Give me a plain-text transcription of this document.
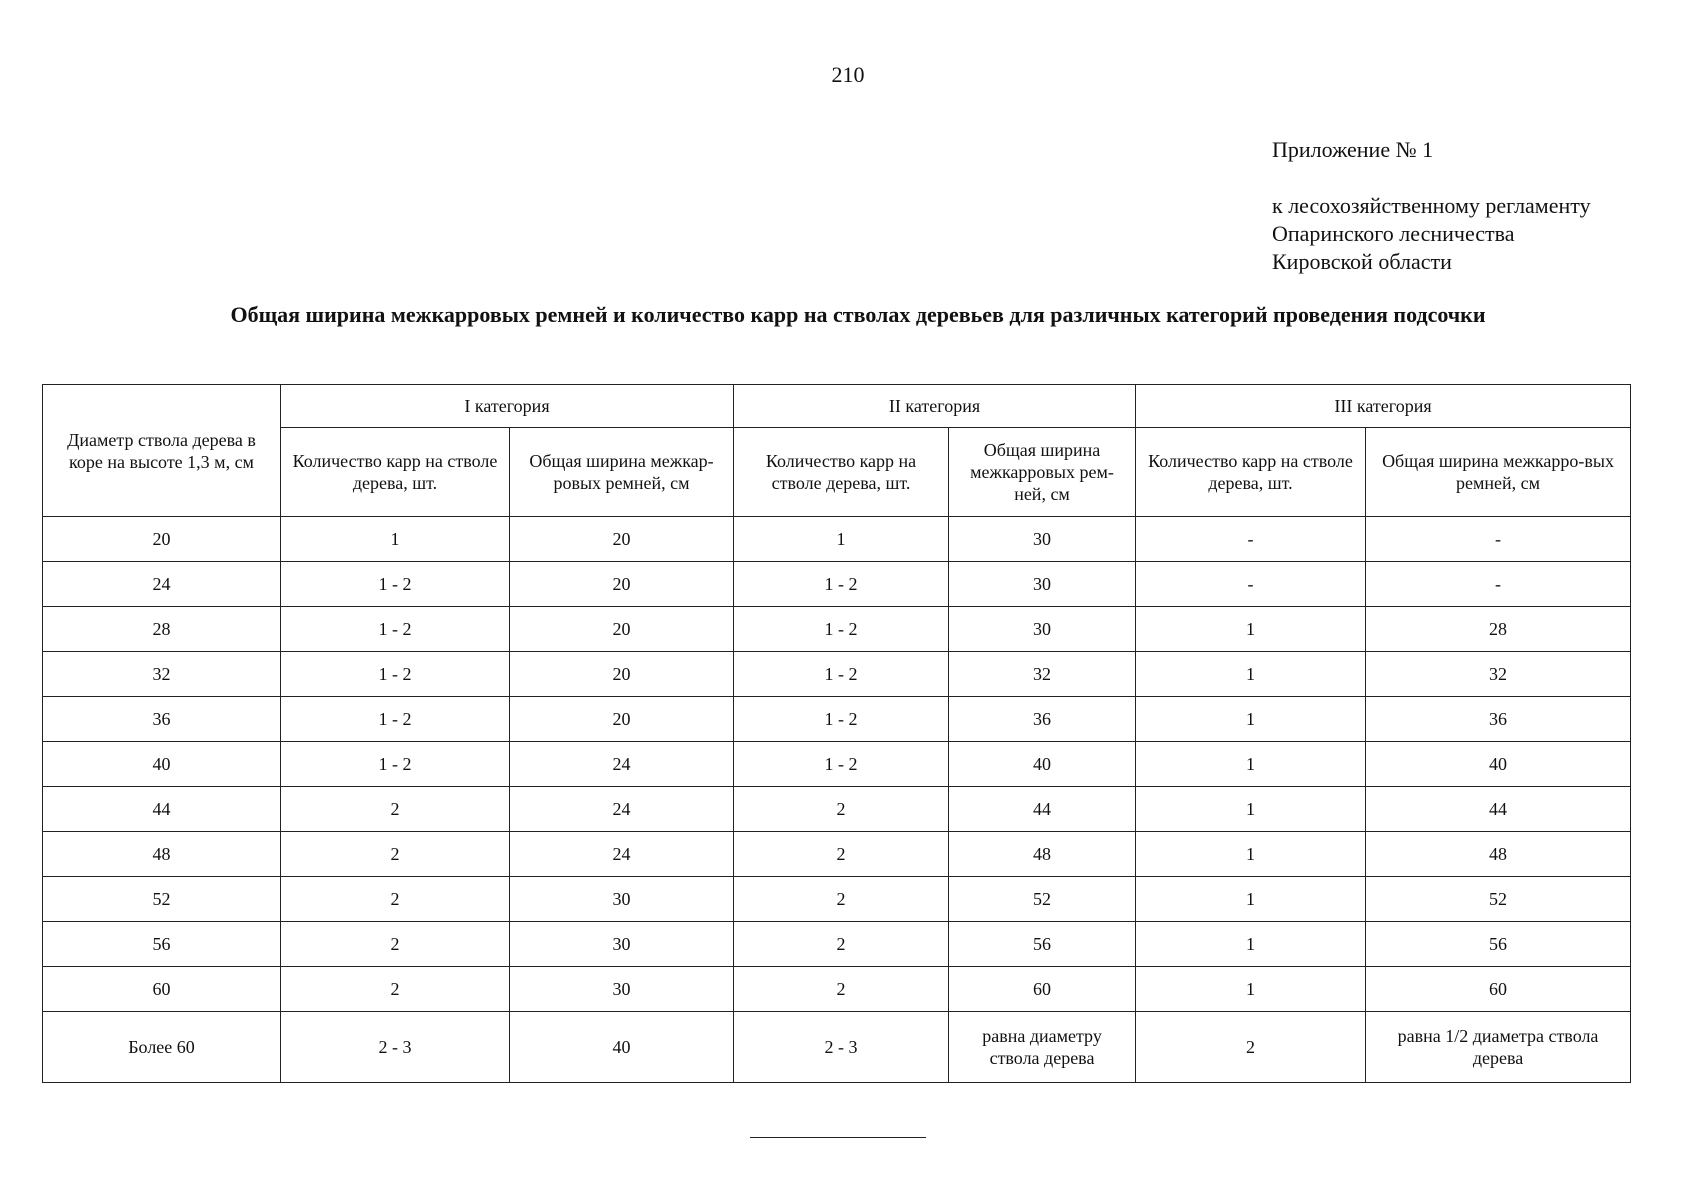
210
Приложение № 1
к лесохозяйственному регламенту
Опаринского лесничества
Кировской области
Общая ширина межкарровых ремней и количество карр на стволах деревьев для различных категорий проведения подсочки
Диаметр ствола дерева в коре на высоте 1,3 м, см	I категория		II категория		III категория	
	Количество карр на стволе дерева, шт.	Общая ширина межкар-ровых ремней, см	Количество карр на стволе дерева, шт.	Общая ширина межкарровых рем-ней, см	Количество карр на стволе дерева, шт.	Общая ширина межкарро-вых ремней, см
20	1	20	1	30	-	-
24	1 - 2	20	1 - 2	30	-	-
28	1 - 2	20	1 - 2	30	1	28
32	1 - 2	20	1 - 2	32	1	32
36	1 - 2	20	1 - 2	36	1	36
40	1 - 2	24	1 - 2	40	1	40
44	2	24	2	44	1	44
48	2	24	2	48	1	48
52	2	30	2	52	1	52
56	2	30	2	56	1	56
60	2	30	2	60	1	60
Более 60	2 - 3	40	2 - 3	равна диаметру ствола дерева	2	равна 1/2 диаметра ствола дерева
